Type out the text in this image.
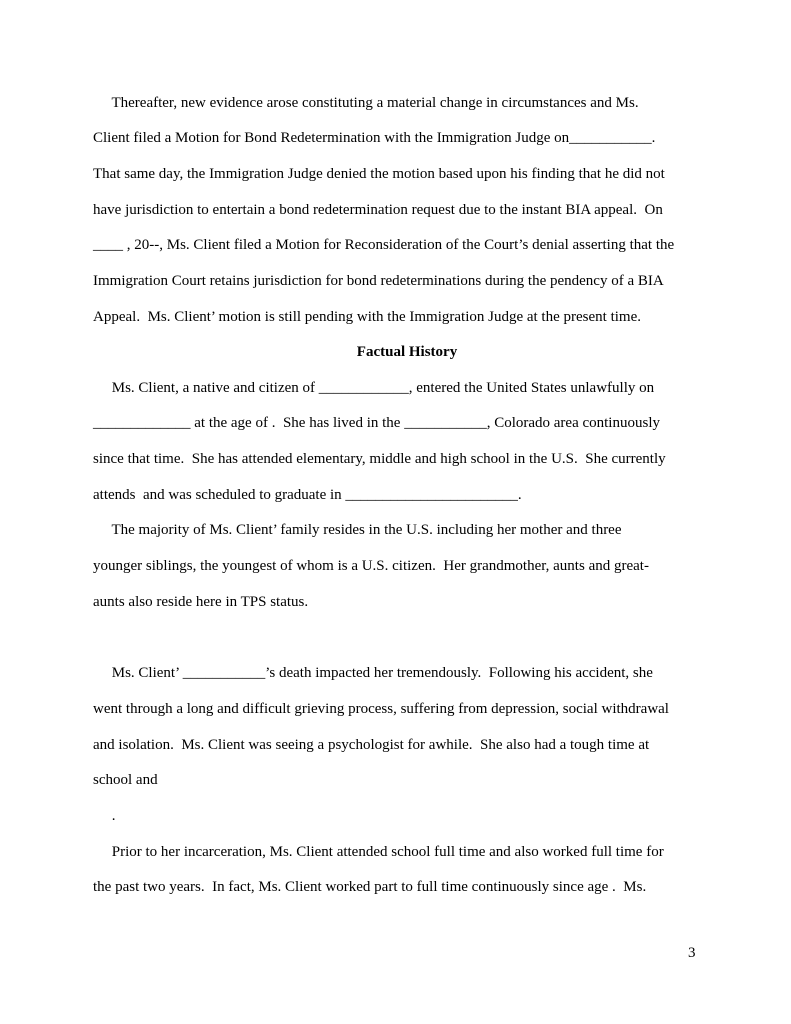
Thereafter, new evidence arose constituting a material change in circumstances and Ms.
Client filed a Motion for Bond Redetermination with the Immigration Judge on___________.
That same day, the Immigration Judge denied the motion based upon his finding that he did not
have jurisdiction to entertain a bond redetermination request due to the instant BIA appeal.  On
____ , 20--, Ms. Client filed a Motion for Reconsideration of the Court’s denial asserting that the
Immigration Court retains jurisdiction for bond redeterminations during the pendency of a BIA
Appeal.  Ms. Client’ motion is still pending with the Immigration Judge at the present time.
Factual History
Ms. Client, a native and citizen of ____________, entered the United States unlawfully on
_____________ at the age of .  She has lived in the ___________, Colorado area continuously
since that time.  She has attended elementary, middle and high school in the U.S.  She currently
attends  and was scheduled to graduate in _______________________.
The majority of Ms. Client’ family resides in the U.S. including her mother and three
younger siblings, the youngest of whom is a U.S. citizen.  Her grandmother, aunts and great-
aunts also reside here in TPS status.
Ms. Client’ ___________’s death impacted her tremendously.  Following his accident, she
went through a long and difficult grieving process, suffering from depression, social withdrawal
and isolation.  Ms. Client was seeing a psychologist for awhile.  She also had a tough time at
school and
.
Prior to her incarceration, Ms. Client attended school full time and also worked full time for
the past two years.  In fact, Ms. Client worked part to full time continuously since age .  Ms.
3
